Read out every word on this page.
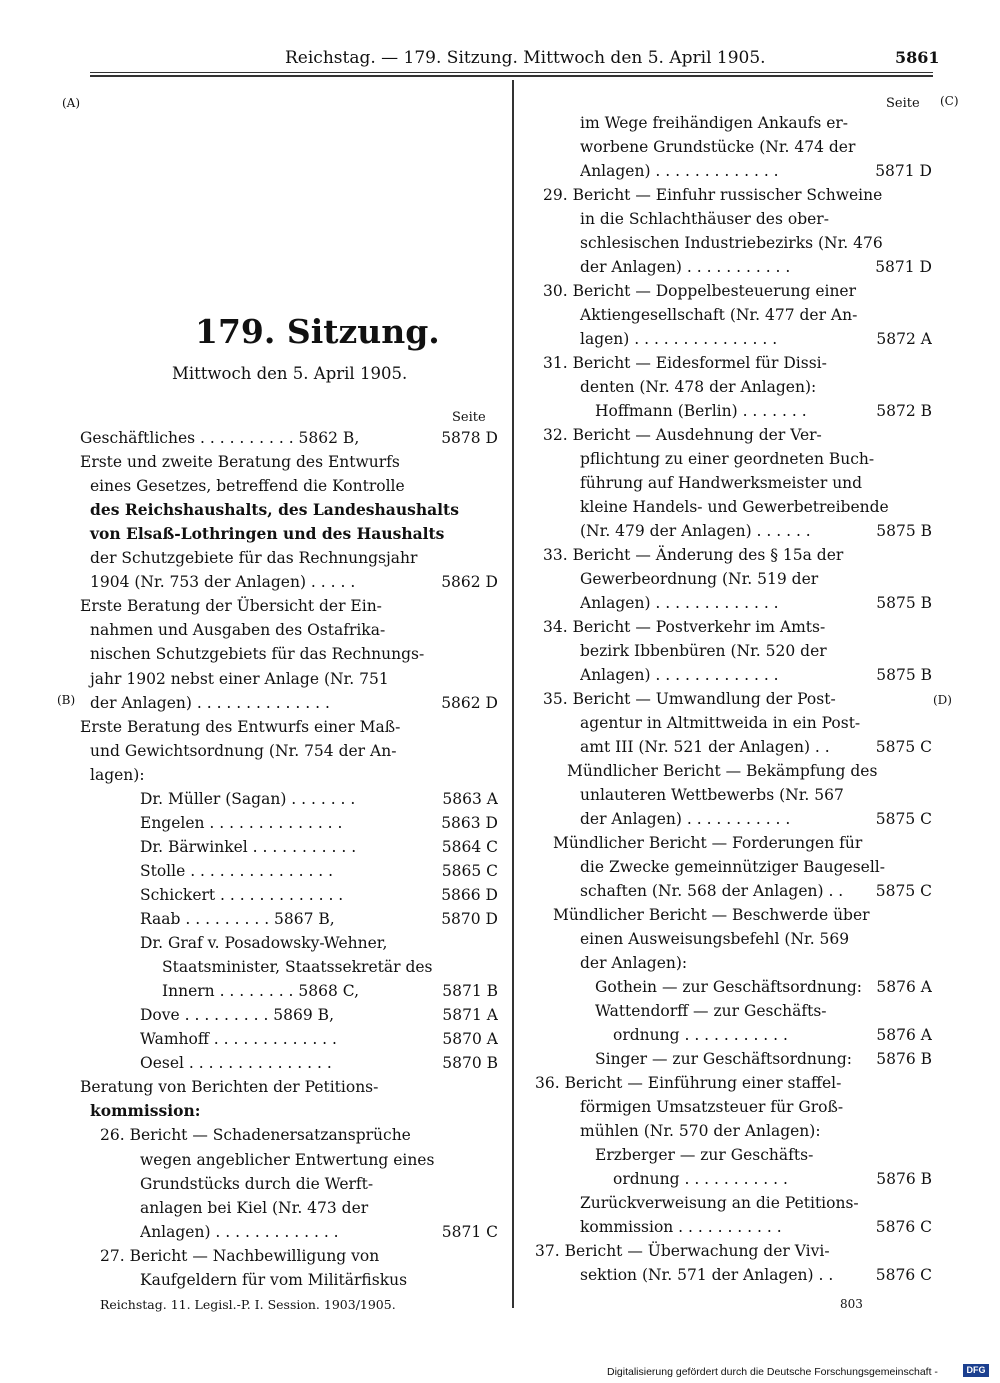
Reichstag. — 179. Sitzung. Mittwoch den 5. April 1905.	5861
(A)
(B)
(C)
(D)
179. Sitzung.
Mittwoch den 5. April 1905.
Seite
Seite
Geschäftliches . . . . . . . . . . 5862 B,	5878 D
Erste und zweite Beratung des Entwurfs
eines Gesetzes, betreffend die Kontrolle
des Reichshaushalts, des Landeshaushalts
von Elsaß-Lothringen und des Haushalts
der Schutzgebiete für das Rechnungsjahr
1904 (Nr. 753 der Anlagen) . . . . .	5862 D
Erste Beratung der Übersicht der Ein-
nahmen und Ausgaben des Ostafrika-
nischen Schutzgebiets für das Rechnungs-
jahr 1902 nebst einer Anlage (Nr. 751
der Anlagen) . . . . . . . . . . . . . .	5862 D
Erste Beratung des Entwurfs einer Maß-
und Gewichtsordnung (Nr. 754 der An-
lagen):
Dr. Müller (Sagan) . . . . . . .	5863 A
Engelen . . . . . . . . . . . . . .	5863 D
Dr. Bärwinkel . . . . . . . . . . .	5864 C
Stolle . . . . . . . . . . . . . . .	5865 C
Schickert . . . . . . . . . . . . .	5866 D
Raab . . . . . . . . . 5867 B,	5870 D
Dr. Graf v. Posadowsky-Wehner,
Staatsminister, Staatssekretär des
Innern . . . . . . . . 5868 C,	5871 B
Dove . . . . . . . . . 5869 B,	5871 A
Wamhoff . . . . . . . . . . . . .	5870 A
Oesel . . . . . . . . . . . . . . .	5870 B
Beratung von Berichten der Petitions-
kommission:
26. Bericht — Schadenersatzansprüche
wegen angeblicher Entwertung eines
Grundstücks durch die Werft-
anlagen bei Kiel (Nr. 473 der
Anlagen) . . . . . . . . . . . . .	5871 C
27. Bericht — Nachbewilligung von
Kaufgeldern für vom Militärfiskus
im Wege freihändigen Ankaufs er-
worbene Grundstücke (Nr. 474 der
Anlagen) . . . . . . . . . . . . .	5871 D
29. Bericht — Einfuhr russischer Schweine
in die Schlachthäuser des ober-
schlesischen Industriebezirks (Nr. 476
der Anlagen) . . . . . . . . . . .	5871 D
30. Bericht — Doppelbesteuerung einer
Aktiengesellschaft (Nr. 477 der An-
lagen) . . . . . . . . . . . . . . .	5872 A
31. Bericht — Eidesformel für Dissi-
denten (Nr. 478 der Anlagen):
Hoffmann (Berlin) . . . . . . .	5872 B
32. Bericht — Ausdehnung der Ver-
pflichtung zu einer geordneten Buch-
führung auf Handwerksmeister und
kleine Handels- und Gewerbetreibende
(Nr. 479 der Anlagen) . . . . . .	5875 B
33. Bericht — Änderung des § 15a der
Gewerbeordnung (Nr. 519 der
Anlagen) . . . . . . . . . . . . .	5875 B
34. Bericht — Postverkehr im Amts-
bezirk Ibbenbüren (Nr. 520 der
Anlagen) . . . . . . . . . . . . .	5875 B
35. Bericht — Umwandlung der Post-
agentur in Altmittweida in ein Post-
amt III (Nr. 521 der Anlagen) . .	5875 C
Mündlicher Bericht — Bekämpfung des
unlauteren Wettbewerbs (Nr. 567
der Anlagen) . . . . . . . . . . .	5875 C
Mündlicher Bericht — Forderungen für
die Zwecke gemeinnütziger Baugesell-
schaften (Nr. 568 der Anlagen) . . 5875 C
Mündlicher Bericht — Beschwerde über
einen Ausweisungsbefehl (Nr. 569
der Anlagen):
Gothein — zur Geschäftsordnung: 5876 A
Wattendorff — zur Geschäfts-
ordnung . . . . . . . . . . .	5876 A
Singer — zur Geschäftsordnung: 5876 B
36. Bericht — Einführung einer staffel-
förmigen Umsatzsteuer für Groß-
mühlen (Nr. 570 der Anlagen):
Erzberger — zur Geschäfts-
ordnung . . . . . . . . . . .	5876 B
Zurückverweisung an die Petitions-
kommission . . . . . . . . . . .	5876 C
37. Bericht — Überwachung der Vivi-
sektion (Nr. 571 der Anlagen) . .	5876 C
Reichstag. 11. Legisl.-P. I. Session. 1903/1905.	803
Digitalisierung gefördert durch die Deutsche Forschungsgemeinschaft -	DFG
